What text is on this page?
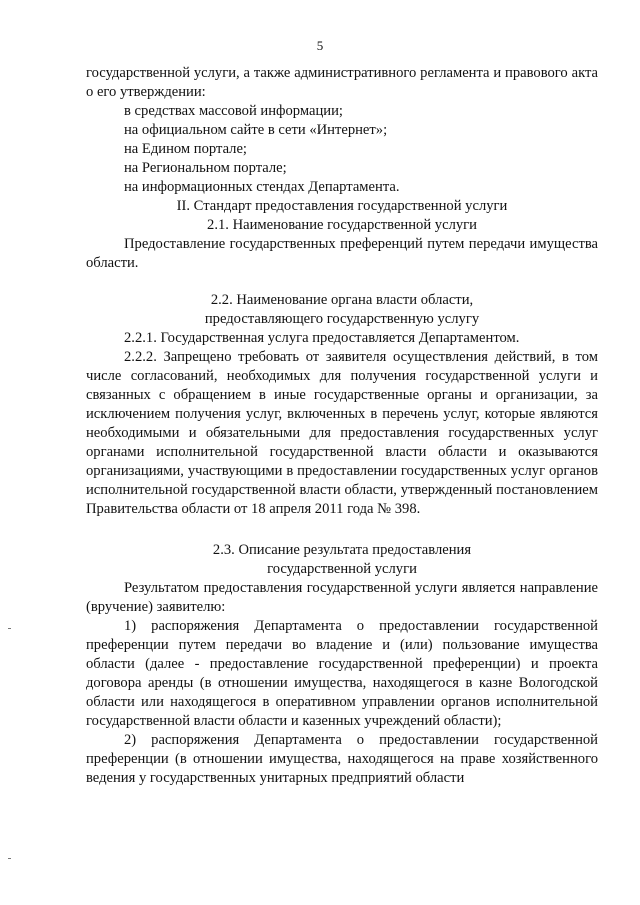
5

государственной услуги, а также административного регламента и правового акта о его утверждении:

в средствах массовой информации;

на официальном сайте в сети «Интернет»;

на Едином портале;

на Региональном портале;

на информационных стендах Департамента.

II. Стандарт предоставления государственной услуги

2.1. Наименование государственной услуги

Предоставление государственных преференций путем передачи имущества области.

2.2. Наименование органа власти области,

предоставляющего государственную услугу

2.2.1. Государственная услуга предоставляется Департаментом.

2.2.2. Запрещено требовать от заявителя осуществления действий, в том числе согласований, необходимых для получения государственной услуги и связанных с обращением в иные государственные органы и организации, за исключением получения услуг, включенных в перечень услуг, которые являются необходимыми и обязательными для предоставления государственных услуг органами исполнительной государственной власти области и оказываются организациями, участвующими в предоставлении государственных услуг органов исполнительной государственной власти области, утвержденный постановлением Правительства области от 18 апреля 2011 года № 398.

2.3. Описание результата предоставления

государственной услуги

Результатом предоставления государственной услуги является направление (вручение) заявителю:

1) распоряжения Департамента о предоставлении государственной преференции путем передачи во владение и (или) пользование имущества области (далее - предоставление государственной преференции) и проекта договора аренды (в отношении имущества, находящегося в казне Вологодской области или находящегося в оперативном управлении органов исполнительной государственной власти области и казенных учреждений области);

2) распоряжения Департамента о предоставлении государственной преференции (в отношении имущества, находящегося на праве хозяйственного ведения у государственных унитарных предприятий области
